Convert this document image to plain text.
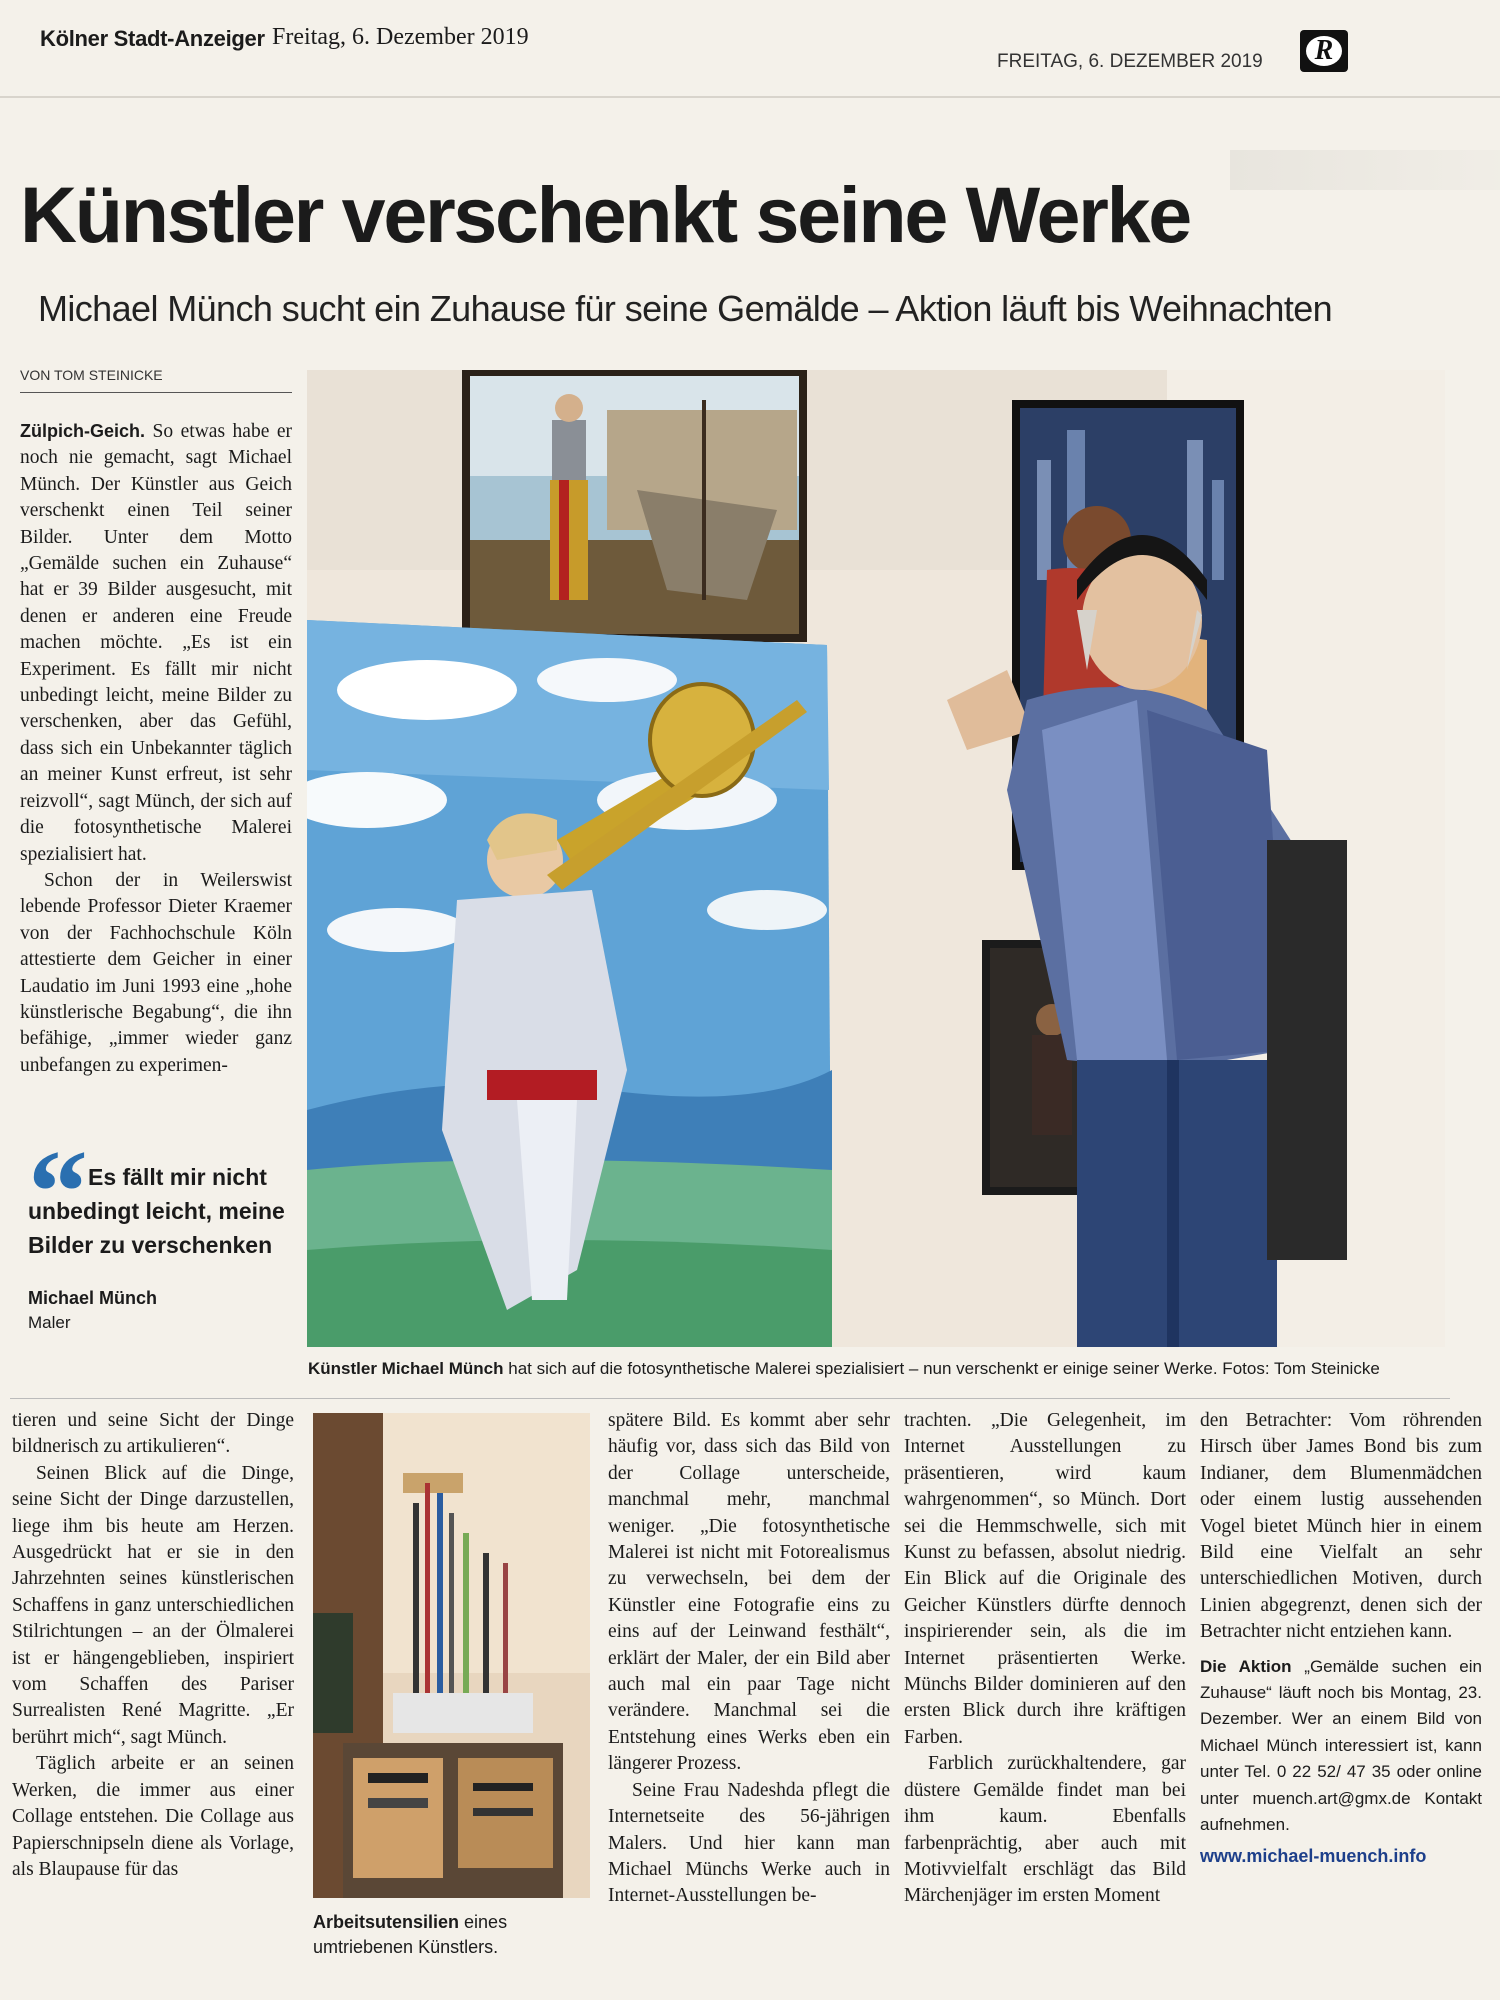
Kölner Stadt-Anzeiger Freitag, 6. Dezember 2019
FREITAG, 6. DEZEMBER 2019	R
Künstler verschenkt seine Werke
Michael Münch sucht ein Zuhause für seine Gemälde – Aktion läuft bis Weihnachten
VON TOM STEINICKE

Zülpich-Geich. So etwas habe er noch nie gemacht, sagt Michael Münch. Der Künstler aus Geich verschenkt einen Teil seiner Bilder. Unter dem Motto „Gemälde suchen ein Zuhause“ hat er 39 Bilder ausgesucht, mit denen er anderen eine Freude machen möchte. „Es ist ein Experiment. Es fällt mir nicht unbedingt leicht, meine Bilder zu verschenken, aber das Gefühl, dass sich ein Unbekannter täglich an meiner Kunst erfreut, ist sehr reizvoll“, sagt Münch, der sich auf die fotosynthetische Malerei spezialisiert hat.

Schon der in Weilerswist lebende Professor Dieter Kraemer von der Fachhochschule Köln attestierte dem Geicher in einer Laudatio im Juni 1993 eine „hohe künstlerische Begabung“, die ihn befähige, „immer wieder ganz unbefangen zu experimen-

“ Es fällt mir nicht unbedingt leicht, meine Bilder zu verschenken
Michael Münch
Maler
Künstler Michael Münch hat sich auf die fotosynthetische Malerei spezialisiert – nun verschenkt er einige seiner Werke. Fotos: Tom Steinicke

tieren und seine Sicht der Dinge bildnerisch zu artikulieren“.

Seinen Blick auf die Dinge, seine Sicht der Dinge darzustellen, liege ihm bis heute am Herzen. Ausgedrückt hat er sie in den Jahrzehnten seines künstlerischen Schaffens in ganz unterschiedlichen Stilrichtungen – an der Ölmalerei ist er hängengeblieben, inspiriert vom Schaffen des Pariser Surrealisten René Magritte. „Er berührt mich“, sagt Münch.

Täglich arbeite er an seinen Werken, die immer aus einer Collage entstehen. Die Collage aus Papierschnipseln diene als Vorlage, als Blaupause für das

Arbeitsutensilien eines umtriebenen Künstlers.

spätere Bild. Es kommt aber sehr häufig vor, dass sich das Bild von der Collage unterscheide, manchmal mehr, manchmal weniger. „Die fotosynthetische Malerei ist nicht mit Fotorealismus zu verwechseln, bei dem der Künstler eine Fotografie eins zu eins auf der Leinwand festhält“, erklärt der Maler, der ein Bild aber auch mal ein paar Tage nicht verändere. Manchmal sei die Entstehung eines Werks eben ein längerer Prozess.

Seine Frau Nadeshda pflegt die Internetseite des 56-jährigen Malers. Und hier kann man Michael Münchs Werke auch in Internet-Ausstellungen be-

trachten. „Die Gelegenheit, im Internet Ausstellungen zu präsentieren, wird kaum wahrgenommen“, so Münch. Dort sei die Hemmschwelle, sich mit Kunst zu befassen, absolut niedrig. Ein Blick auf die Originale des Geicher Künstlers dürfte dennoch inspirierender sein, als die im Internet präsentierten Werke. Münchs Bilder dominieren auf den ersten Blick durch ihre kräftigen Farben.

Farblich zurückhaltendere, gar düstere Gemälde findet man bei ihm kaum. Ebenfalls farbenprächtig, aber auch mit Motivvielfalt erschlägt das Bild Märchenjäger im ersten Moment

den Betrachter: Vom röhrenden Hirsch über James Bond bis zum Indianer, dem Blumenmädchen oder einem lustig aussehenden Vogel bietet Münch hier in einem Bild eine Vielfalt an sehr unterschiedlichen Motiven, durch Linien abgegrenzt, denen sich der Betrachter nicht entziehen kann.

Die Aktion „Gemälde suchen ein Zuhause“ läuft noch bis Montag, 23. Dezember. Wer an einem Bild von Michael Münch interessiert ist, kann unter Tel. 0 22 52/ 47 35 oder online unter muench.art@gmx.de Kontakt aufnehmen.

www.michael-muench.info
